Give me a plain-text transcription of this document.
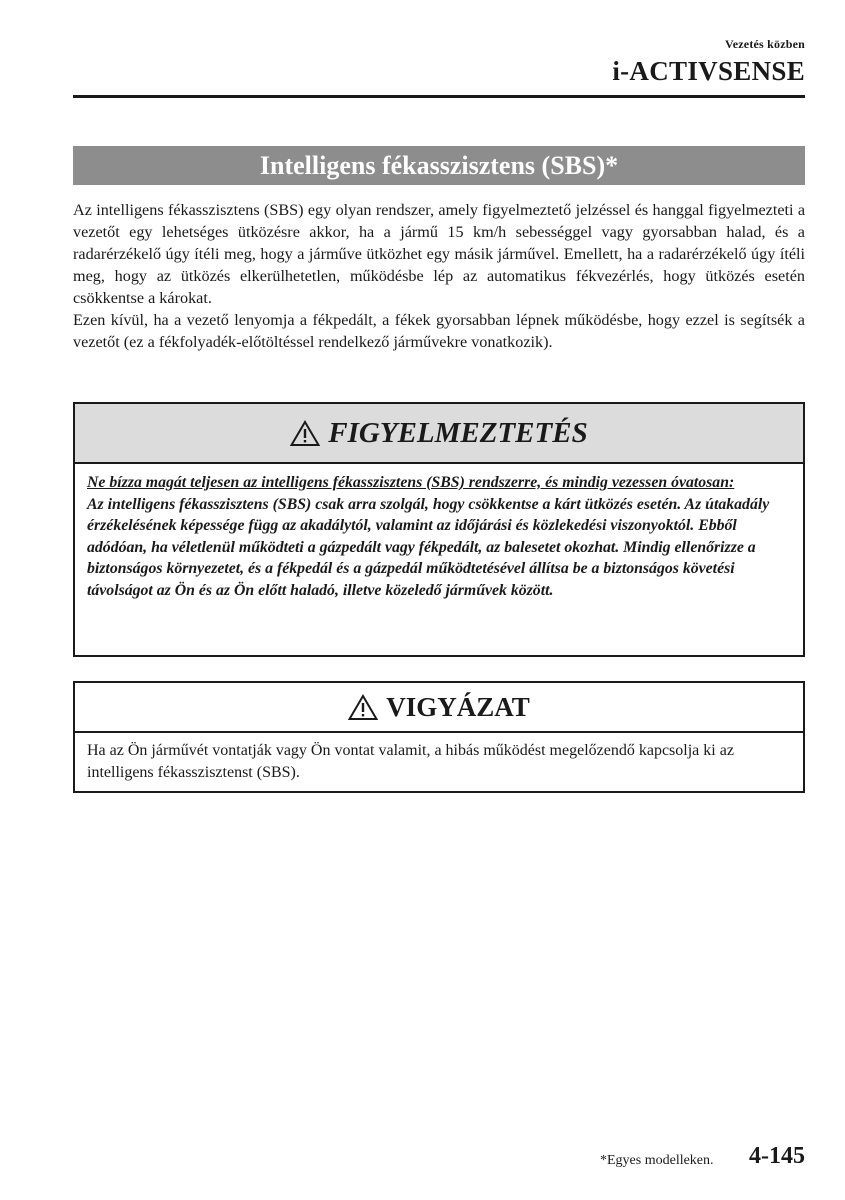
Vezetés közben
i-ACTIVSENSE
Intelligens fékasszisztens (SBS)*

Az intelligens fékasszisztens (SBS) egy olyan rendszer, amely figyelmeztető jelzéssel és hanggal figyelmezteti a vezetőt egy lehetséges ütközésre akkor, ha a jármű 15 km/h sebességgel vagy gyorsabban halad, és a radarérzékelő úgy ítéli meg, hogy a járműve ütközhet egy másik járművel. Emellett, ha a radarérzékelő úgy ítéli meg, hogy az ütközés elkerülhetetlen, működésbe lép az automatikus fékvezérlés, hogy ütközés esetén csökkentse a károkat.

Ezen kívül, ha a vezető lenyomja a fékpedált, a fékek gyorsabban lépnek működésbe, hogy ezzel is segítsék a vezetőt (ez a fékfolyadék-előtöltéssel rendelkező járművekre vonatkozik).

FIGYELMEZTETÉS

Ne bízza magát teljesen az intelligens fékasszisztens (SBS) rendszerre, és mindig vezessen óvatosan:

Az intelligens fékasszisztens (SBS) csak arra szolgál, hogy csökkentse a kárt ütközés esetén. Az útakadály érzékelésének képessége függ az akadálytól, valamint az időjárási és közlekedési viszonyoktól. Ebből adódóan, ha véletlenül működteti a gázpedált vagy fékpedált, az balesetet okozhat. Mindig ellenőrizze a biztonságos környezetet, és a fékpedál és a gázpedál működtetésével állítsa be a biztonságos követési távolságot az Ön és az Ön előtt haladó, illetve közeledő járművek között.

VIGYÁZAT

Ha az Ön járművét vontatják vagy Ön vontat valamit, a hibás működést megelőzendő kapcsolja ki az intelligens fékasszisztenst (SBS).

*Egyes modelleken. 4-145
